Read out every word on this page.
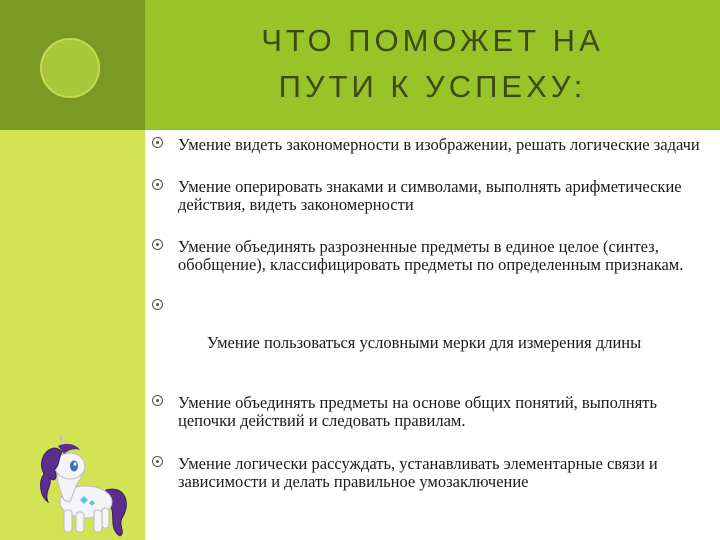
ЧТО ПОМОЖЕТ НА
ПУТИ К УСПЕХУ:
Умение видеть закономерности в изображении, решать логические задачи
Умение оперировать знаками и символами, выполнять арифметические действия, видеть закономерности
Умение объединять разрозненные предметы в единое целое (синтез, обобщение), классифицировать предметы по определенным признакам.

Умение пользоваться условными мерки для измерения длины

Умение объединять предметы на основе общих понятий, выполнять цепочки действий и следовать правилам.
Умение логически рассуждать, устанавливать элементарные связи и зависимости и делать правильное умозаключение
